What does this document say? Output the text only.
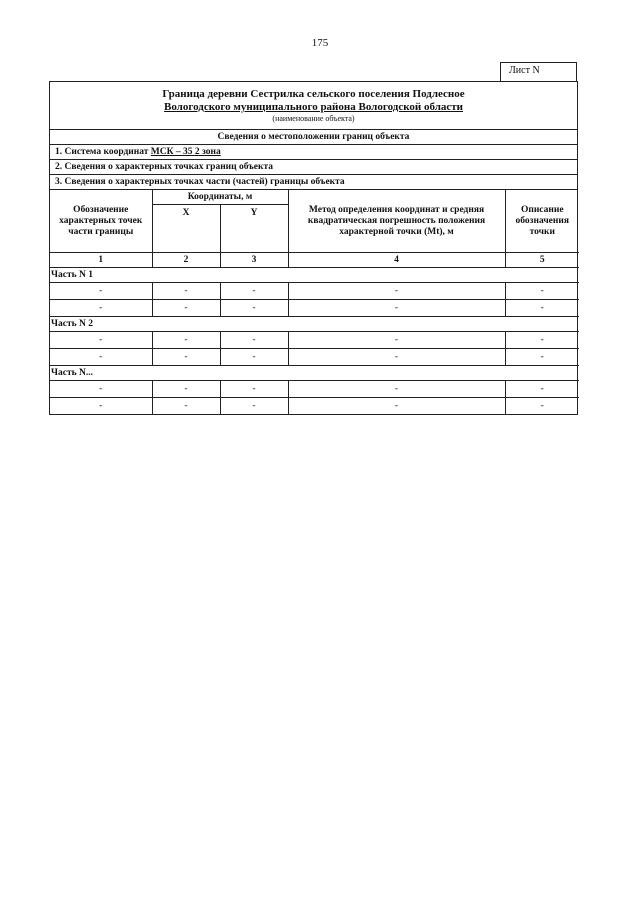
175
Лист N
Граница деревни Сестрилка сельского поселения Подлесное
Вологодского муниципального района Вологодской области
(наименование объекта)
Сведения о местоположении границ объекта
1. Система координат МСК – 35 2 зона
2. Сведения о характерных точках границ объекта
3. Сведения о характерных точках части (частей) границы объекта
Обозначение характерных точек части границы	Координаты, м		Метод определения координат и средняя квадратическая погрешность положения характерной точки (Mt), м	Описание обозначения точки
	X	Y		
1	2	3	4	5
Часть N 1				
-	-	-	-	-
-	-	-	-	-
Часть N 2				
-	-	-	-	-
-	-	-	-	-
Часть N...				
-	-	-	-	-
-	-	-	-	-
